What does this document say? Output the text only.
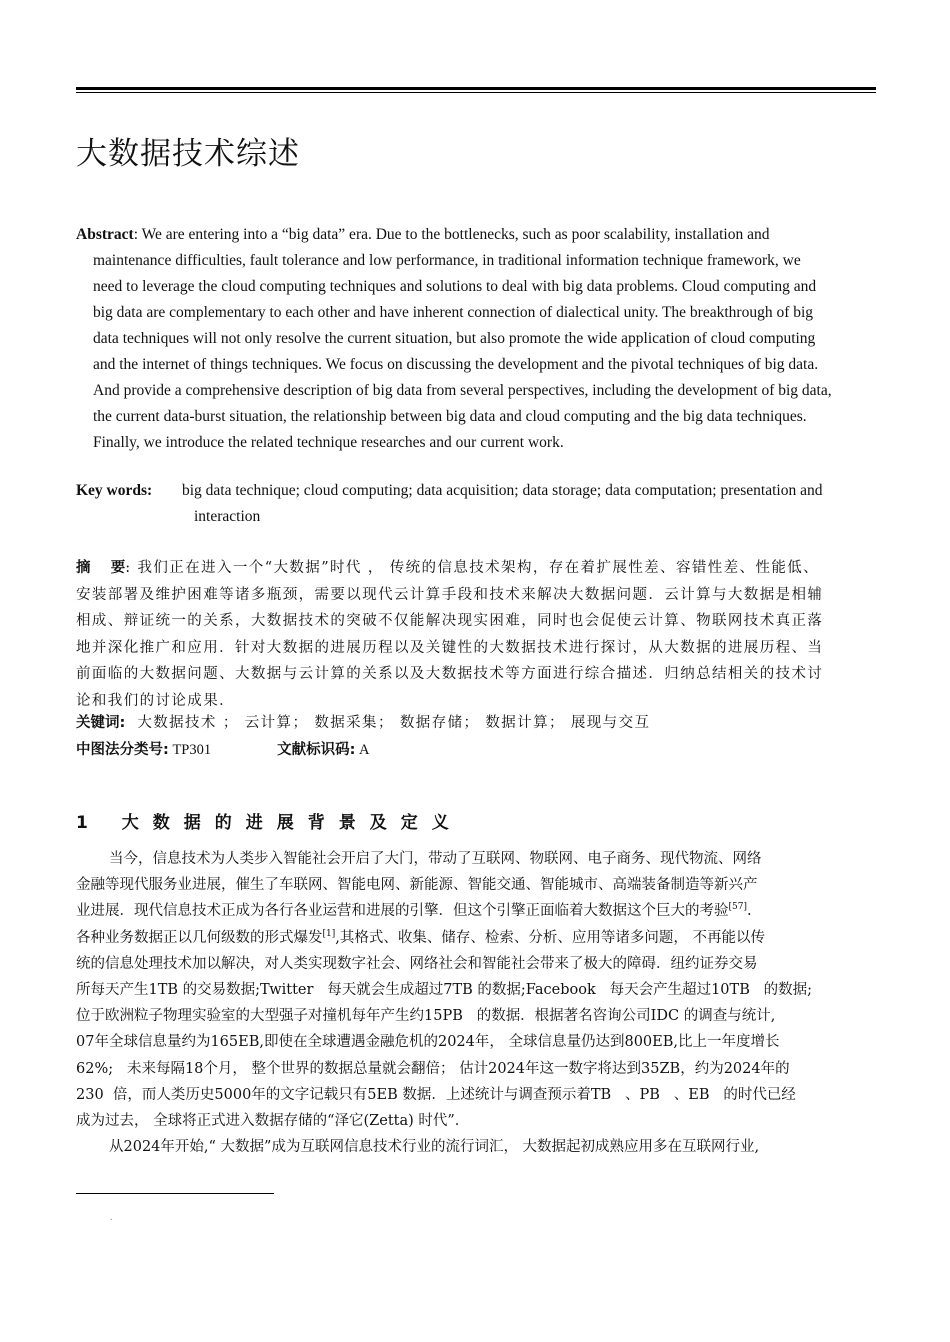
大数据技术综述
Abstract: We are entering into a “big data” era. Due to the bottlenecks, such as poor scalability, installation and
maintenance difficulties, fault tolerance and low performance, in traditional information technique framework, we
need to leverage the cloud computing techniques and solutions to deal with big data problems. Cloud computing and
big data are complementary to each other and have inherent connection of dialectical unity. The breakthrough of big
data techniques will not only resolve the current situation, but also promote the wide application of cloud computing
and the internet of things techniques. We focus on discussing the development and the pivotal techniques of big data.
And provide a comprehensive description of big data from several perspectives, including the development of big data,
the current data-burst situation, the relationship between big data and cloud computing and the big data techniques.
Finally, we introduce the related technique researches and our current work.
Key words:	big data technique; cloud computing; data acquisition; data storage; data computation; presentation and
interaction
摘    要: 我们正在进入一个“大数据”时代 ， 传统的信息技术架构，存在着扩展性差、容错性差、性能低、
安装部署及维护困难等诸多瓶颈，需要以现代云计算手段和技术来解决大数据问题．云计算与大数据是相辅
相成、辩证统一的关系，大数据技术的突破不仅能解决现实困难，同时也会促使云计算、物联网技术真正落
地并深化推广和应用．针对大数据的进展历程以及关键性的大数据技术进行探讨，从大数据的进展历程、当
前面临的大数据问题、大数据与云计算的关系以及大数据技术等方面进行综合描述．归纳总结相关的技术讨
论和我们的讨论成果．
关键词:  大数据技术 ； 云计算； 数据采集； 数据存储； 数据计算； 展现与交互
中图法分类号: TP301	文献标识码: A
1 大数据的进展背景及定义
当今，信息技术为人类步入智能社会开启了大门，带动了互联网、物联网、电子商务、现代物流、网络
金融等现代服务业进展，催生了车联网、智能电网、新能源、智能交通、智能城市、高端装备制造等新兴产
业进展．现代信息技术正成为各行各业运营和进展的引擎．但这个引擎正面临着大数据这个巨大的考验[57].
各种业务数据正以几何级数的形式爆发[1],其格式、收集、储存、检索、分析、应用等诸多问题， 不再能以传
统的信息处理技术加以解决，对人类实现数字社会、网络社会和智能社会带来了极大的障碍．纽约证券交易
所每天产生1TB 的交易数据;Twitter   每天就会生成超过7TB 的数据;Facebook   每天会产生超过10TB   的数据;
位于欧洲粒子物理实验室的大型强子对撞机每年产生约15PB   的数据．根据著名咨询公司IDC 的调查与统计,
07年全球信息量约为165EB,即使在全球遭遇金融危机的2024年， 全球信息量仍达到800EB,比上一年度增长
62%;   未来每隔18个月， 整个世界的数据总量就会翻倍； 估计2024年这一数字将达到35ZB，约为2024年的
230  倍，而人类历史5000年的文字记载只有5EB 数据．上述统计与调查预示着TB   、PB   、EB   的时代已经
成为过去， 全球将正式进入数据存储的“泽它(Zetta) 时代”．
从2024年开始,“ 大数据”成为互联网信息技术行业的流行词汇， 大数据起初成熟应用多在互联网行业,
.
